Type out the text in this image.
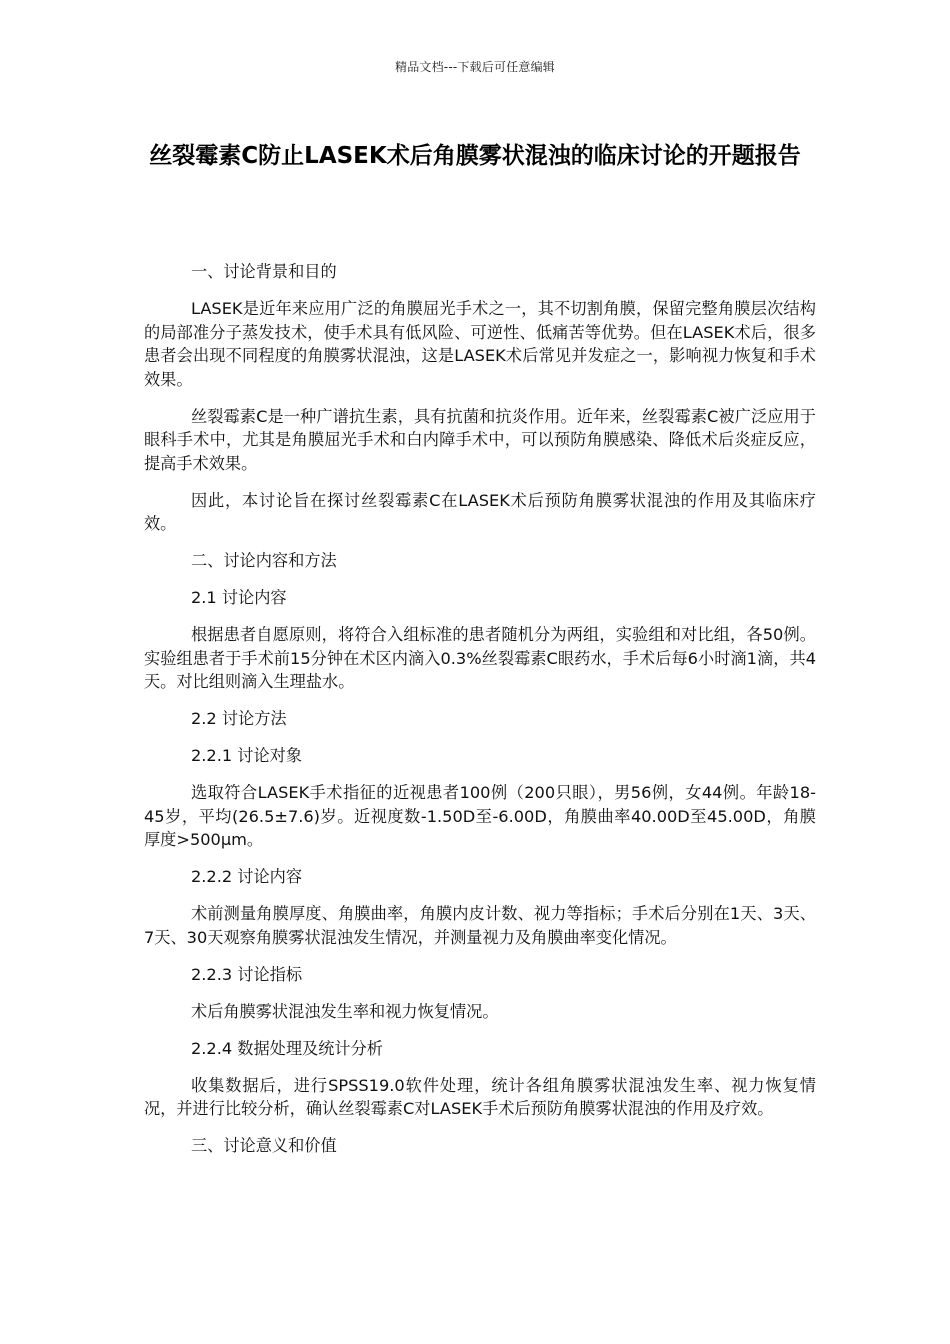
精品文档---下载后可任意编辑
丝裂霉素C防止LASEK术后角膜雾状混浊的临床讨论的开题报告

一、讨论背景和目的

LASEK是近年来应用广泛的角膜屈光手术之一，其不切割角膜，保留完整角膜层次结构的局部准分子蒸发技术，使手术具有低风险、可逆性、低痛苦等优势。但在LASEK术后，很多患者会出现不同程度的角膜雾状混浊，这是LASEK术后常见并发症之一，影响视力恢复和手术效果。

丝裂霉素C是一种广谱抗生素，具有抗菌和抗炎作用。近年来，丝裂霉素C被广泛应用于眼科手术中，尤其是角膜屈光手术和白内障手术中，可以预防角膜感染、降低术后炎症反应，提高手术效果。

因此，本讨论旨在探讨丝裂霉素C在LASEK术后预防角膜雾状混浊的作用及其临床疗效。

二、讨论内容和方法

2.1 讨论内容

根据患者自愿原则，将符合入组标准的患者随机分为两组，实验组和对比组，各50例。实验组患者于手术前15分钟在术区内滴入0.3%丝裂霉素C眼药水，手术后每6小时滴1滴，共4天。对比组则滴入生理盐水。

2.2 讨论方法

2.2.1 讨论对象

选取符合LASEK手术指征的近视患者100例（200只眼），男56例，女44例。年龄18-45岁，平均(26.5±7.6)岁。近视度数-1.50D至-6.00D，角膜曲率40.00D至45.00D，角膜厚度>500μm。

2.2.2 讨论内容

术前测量角膜厚度、角膜曲率，角膜内皮计数、视力等指标；手术后分别在1天、3天、7天、30天观察角膜雾状混浊发生情况，并测量视力及角膜曲率变化情况。

2.2.3 讨论指标

术后角膜雾状混浊发生率和视力恢复情况。

2.2.4 数据处理及统计分析

收集数据后，进行SPSS19.0软件处理，统计各组角膜雾状混浊发生率、视力恢复情况，并进行比较分析，确认丝裂霉素C对LASEK手术后预防角膜雾状混浊的作用及疗效。

三、讨论意义和价值
